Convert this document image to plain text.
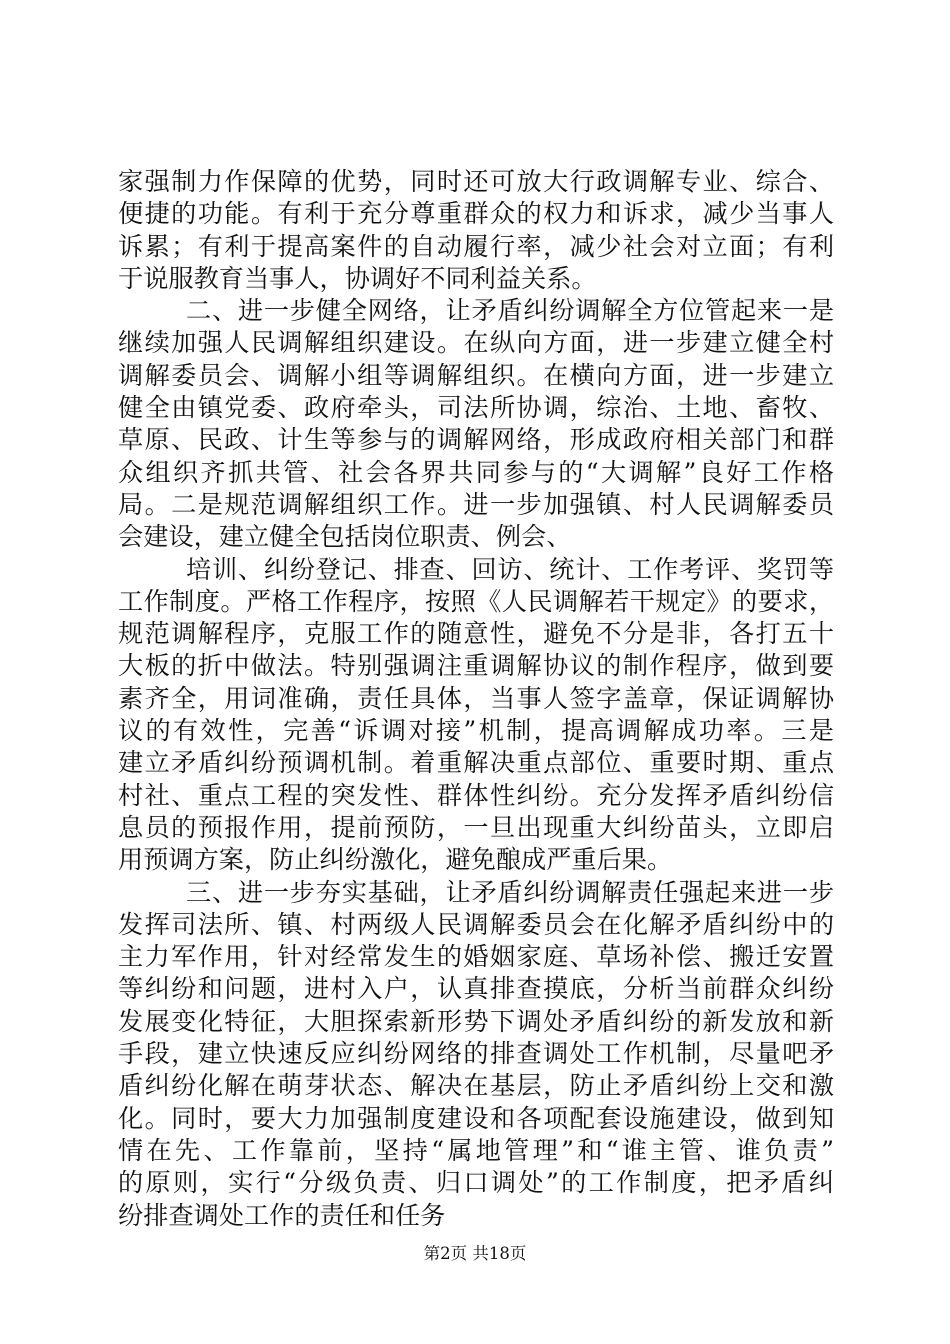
家强制力作保障的优势，同时还可放大行政调解专业、综合、
便捷的功能。有利于充分尊重群众的权力和诉求，减少当事人
诉累；有利于提高案件的自动履行率，减少社会对立面；有利
于说服教育当事人，协调好不同利益关系。
二、进一步健全网络，让矛盾纠纷调解全方位管起来一是
继续加强人民调解组织建设。在纵向方面，进一步建立健全村
调解委员会、调解小组等调解组织。在横向方面，进一步建立
健全由镇党委、政府牵头，司法所协调，综治、土地、畜牧、
草原、民政、计生等参与的调解网络，形成政府相关部门和群
众组织齐抓共管、社会各界共同参与的“大调解”良好工作格
局。二是规范调解组织工作。进一步加强镇、村人民调解委员
会建设，建立健全包括岗位职责、例会、
培训、纠纷登记、排查、回访、统计、工作考评、奖罚等
工作制度。严格工作程序，按照《人民调解若干规定》的要求，
规范调解程序，克服工作的随意性，避免不分是非，各打五十
大板的折中做法。特别强调注重调解协议的制作程序，做到要
素齐全，用词准确，责任具体，当事人签字盖章，保证调解协
议的有效性，完善“诉调对接”机制，提高调解成功率。三是
建立矛盾纠纷预调机制。着重解决重点部位、重要时期、重点
村社、重点工程的突发性、群体性纠纷。充分发挥矛盾纠纷信
息员的预报作用，提前预防，一旦出现重大纠纷苗头，立即启
用预调方案，防止纠纷激化，避免酿成严重后果。
三、进一步夯实基础，让矛盾纠纷调解责任强起来进一步
发挥司法所、镇、村两级人民调解委员会在化解矛盾纠纷中的
主力军作用，针对经常发生的婚姻家庭、草场补偿、搬迁安置
等纠纷和问题，进村入户，认真排查摸底，分析当前群众纠纷
发展变化特征，大胆探索新形势下调处矛盾纠纷的新发放和新
手段，建立快速反应纠纷网络的排查调处工作机制，尽量吧矛
盾纠纷化解在萌芽状态、解决在基层，防止矛盾纠纷上交和激
化。同时，要大力加强制度建设和各项配套设施建设，做到知
情在先、工作靠前，坚持“属地管理”和“谁主管、谁负责”
的原则，实行“分级负责、归口调处”的工作制度，把矛盾纠
纷排查调处工作的责任和任务
第2页 共18页
